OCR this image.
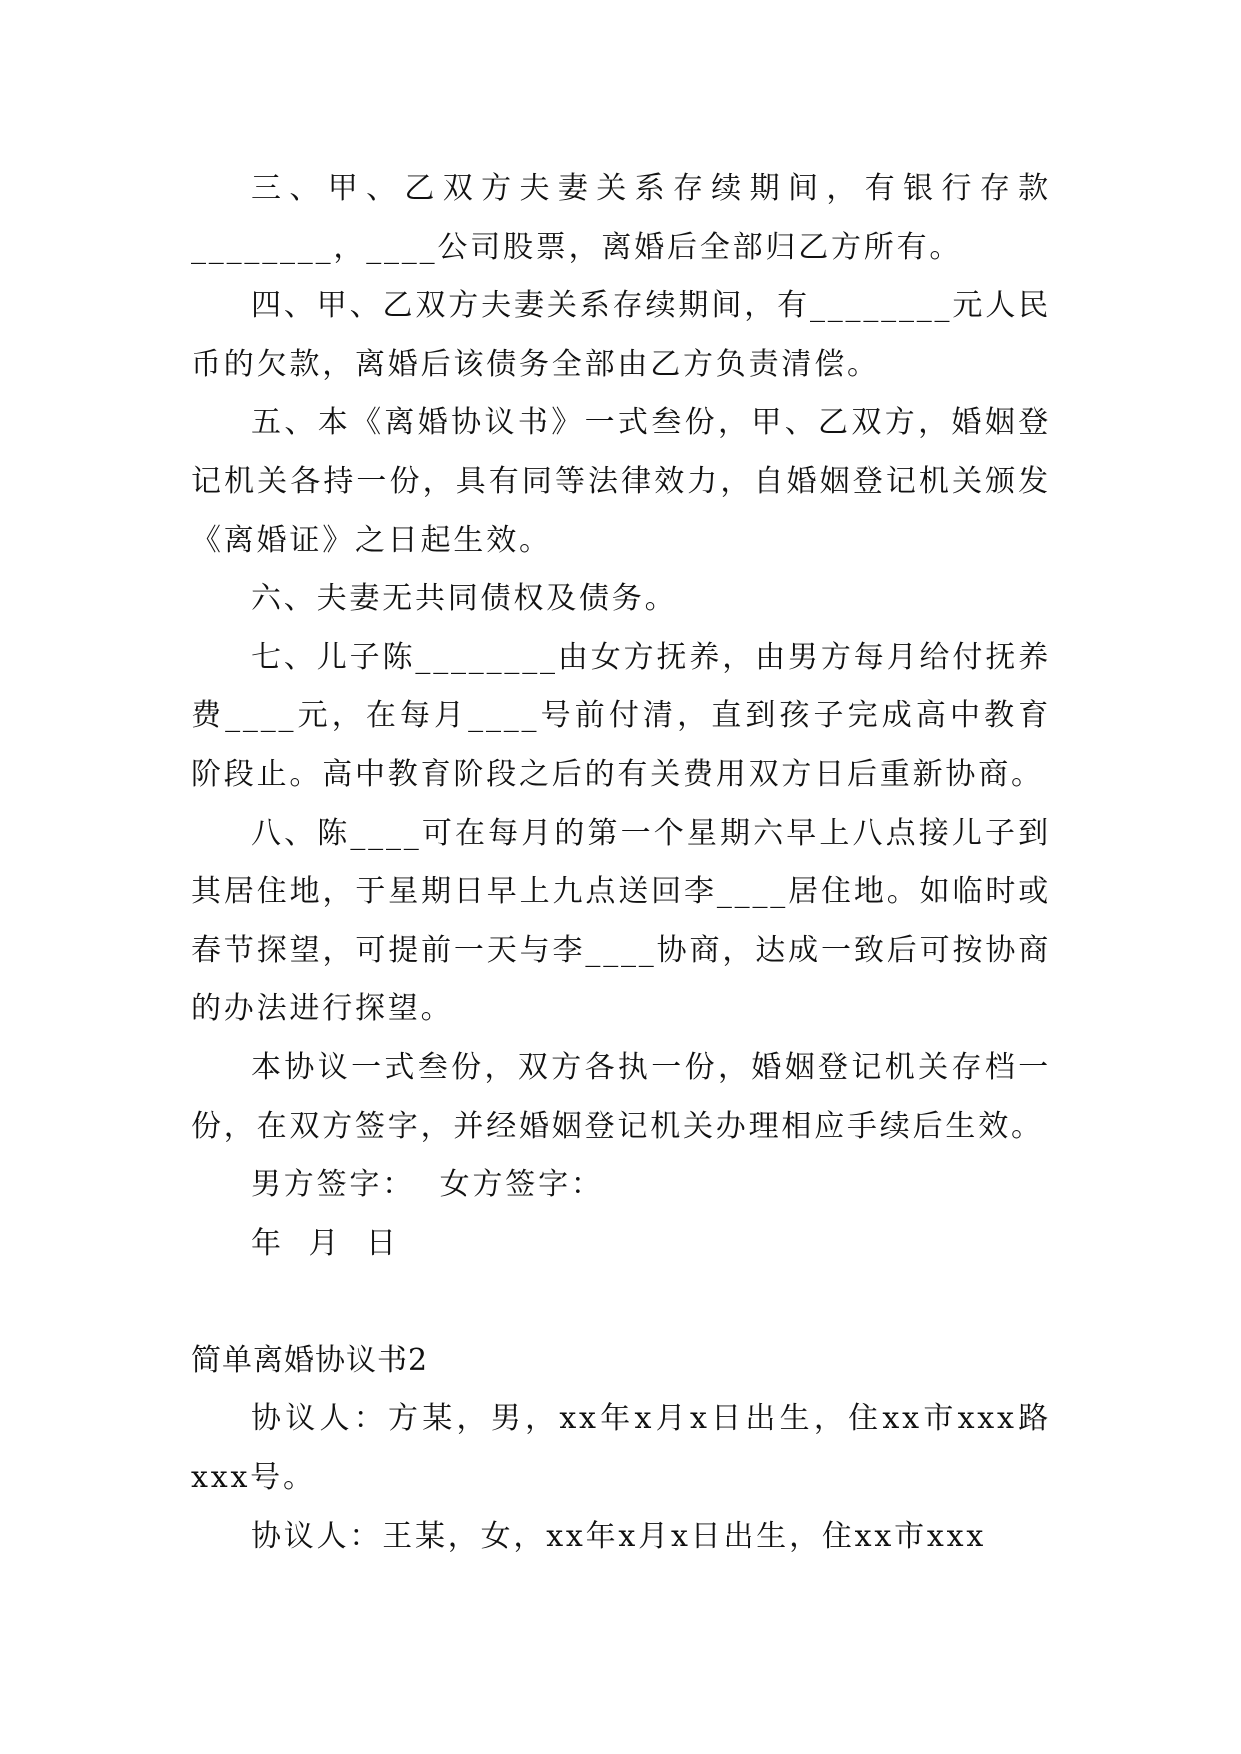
三、甲、乙双方夫妻关系存续期间，有银行存款________，____公司股票，离婚后全部归乙方所有。

四、甲、乙双方夫妻关系存续期间，有________元人民币的欠款，离婚后该债务全部由乙方负责清偿。

五、本《离婚协议书》一式叁份，甲、乙双方，婚姻登记机关各持一份，具有同等法律效力，自婚姻登记机关颁发《离婚证》之日起生效。

六、夫妻无共同债权及债务。

七、儿子陈________由女方抚养，由男方每月给付抚养费____元，在每月____号前付清，直到孩子完成高中教育阶段止。高中教育阶段之后的有关费用双方日后重新协商。

八、陈____可在每月的第一个星期六早上八点接儿子到其居住地，于星期日早上九点送回李____居住地。如临时或春节探望，可提前一天与李____协商，达成一致后可按协商的办法进行探望。

本协议一式叁份，双方各执一份，婚姻登记机关存档一份，在双方签字，并经婚姻登记机关办理相应手续后生效。

男方签字：  女方签字：

年  月  日

简单离婚协议书2

协议人：方某，男，xx年x月x日出生，住xx市xxx路xxx号。

协议人：王某，女，xx年x月x日出生，住xx市xxx
